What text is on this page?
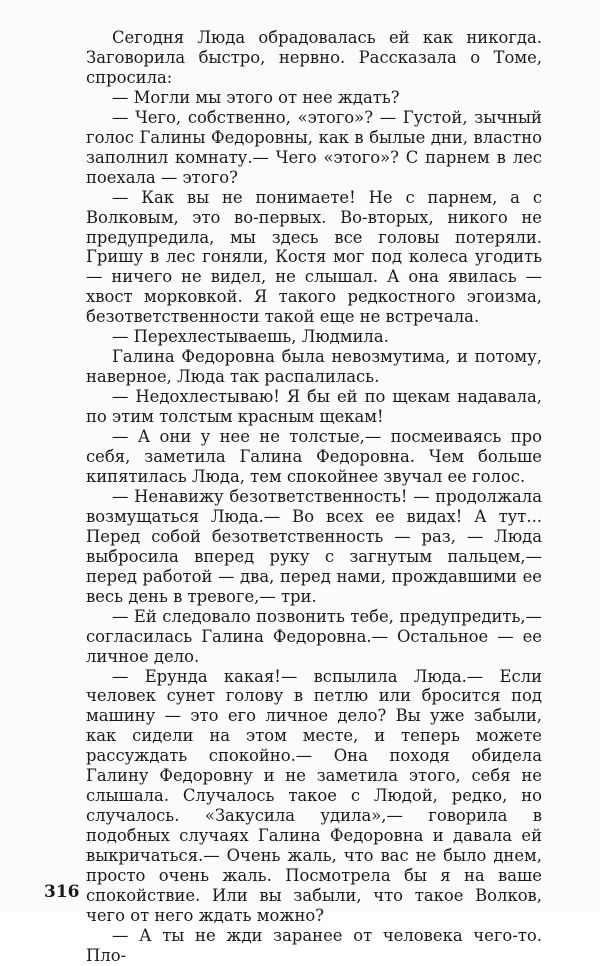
Сегодня Люда обрадовалась ей как никогда. Заговорила быстро, нервно. Рассказала о Томе, спросила:

— Могли мы этого от нее ждать?

— Чего, собственно, «этого»? — Густой, зычный голос Галины Федоровны, как в былые дни, властно заполнил комнату.— Чего «этого»? С парнем в лес поехала — этого?

— Как вы не понимаете! Не с парнем, а с Волковым, это во-первых. Во-вторых, никого не предупредила, мы здесь все головы потеряли. Гришу в лес гоняли, Костя мог под колеса угодить — ничего не видел, не слышал. А она явилась — хвост морковкой. Я такого редкостного эгоизма, безответственности такой еще не встречала.

— Перехлестываешь, Людмила.

Галина Федоровна была невозмутима, и потому, наверное, Люда так распалилась.

— Недохлестываю! Я бы ей по щекам надавала, по этим толстым красным щекам!

— А они у нее не толстые,— посмеиваясь про себя, заметила Галина Федоровна. Чем больше кипятилась Люда, тем спокойнее звучал ее голос.

— Ненавижу безответственность! — продолжала возмущаться Люда.— Во всех ее видах! А тут... Перед собой безответственность — раз, — Люда выбросила вперед руку с загнутым пальцем,— перед работой — два, перед нами, прождавшими ее весь день в тревоге,— три.

— Ей следовало позвонить тебе, предупредить,— согласилась Галина Федоровна.— Остальное — ее личное дело.

— Ерунда какая!— вспылила Люда.— Если человек сунет голову в петлю или бросится под машину — это его личное дело? Вы уже забыли, как сидели на этом месте, и теперь можете рассуждать спокойно.— Она походя обидела Галину Федоровну и не заметила этого, себя не слышала. Случалось такое с Людой, редко, но случалось. «Закусила удила»,— говорила в подобных случаях Галина Федоровна и давала ей выкричаться.— Очень жаль, что вас не было днем, просто очень жаль. Посмотрела бы я на ваше спокойствие. Или вы забыли, что такое Волков, чего от него ждать можно?

— А ты не жди заранее от человека чего-то. Пло-

316
